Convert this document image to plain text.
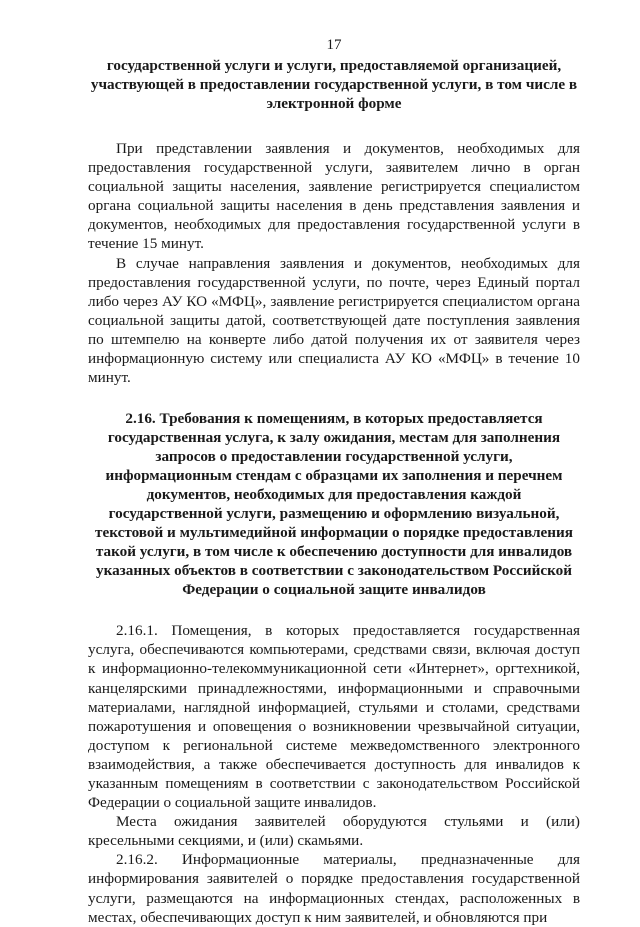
17

государственной услуги и услуги, предоставляемой организацией, участвующей в предоставлении государственной услуги, в том числе в электронной форме

При представлении заявления и документов, необходимых для предоставления государственной услуги, заявителем лично в орган социальной защиты населения, заявление регистрируется специалистом органа социальной защиты населения в день представления заявления и документов, необходимых для предоставления государственной услуги в течение 15 минут.

В случае направления заявления и документов, необходимых для предоставления государственной услуги, по почте, через Единый портал либо через АУ КО «МФЦ», заявление регистрируется специалистом органа социальной защиты датой, соответствующей дате поступления заявления по штемпелю на конверте либо датой получения их от заявителя через информационную систему или специалиста АУ КО «МФЦ» в течение 10 минут.

2.16. Требования к помещениям, в которых предоставляется государственная услуга, к залу ожидания, местам для заполнения запросов о предоставлении государственной услуги, информационным стендам с образцами их заполнения и перечнем документов, необходимых для предоставления каждой государственной услуги, размещению и оформлению визуальной, текстовой и мультимедийной информации о порядке предоставления такой услуги, в том числе к обеспечению доступности для инвалидов указанных объектов в соответствии с законодательством Российской Федерации о социальной защите инвалидов

2.16.1. Помещения, в которых предоставляется государственная услуга, обеспечиваются компьютерами, средствами связи, включая доступ к информационно-телекоммуникационной сети «Интернет», оргтехникой, канцелярскими принадлежностями, информационными и справочными материалами, наглядной информацией, стульями и столами, средствами пожаротушения и оповещения о возникновении чрезвычайной ситуации, доступом к региональной системе межведомственного электронного взаимодействия, а также обеспечивается доступность для инвалидов к указанным помещениям в соответствии с законодательством Российской Федерации о социальной защите инвалидов.

Места ожидания заявителей оборудуются стульями и (или) кресельными секциями, и (или) скамьями.

2.16.2. Информационные материалы, предназначенные для информирования заявителей о порядке предоставления государственной услуги, размещаются на информационных стендах, расположенных в местах, обеспечивающих доступ к ним заявителей, и обновляются при
